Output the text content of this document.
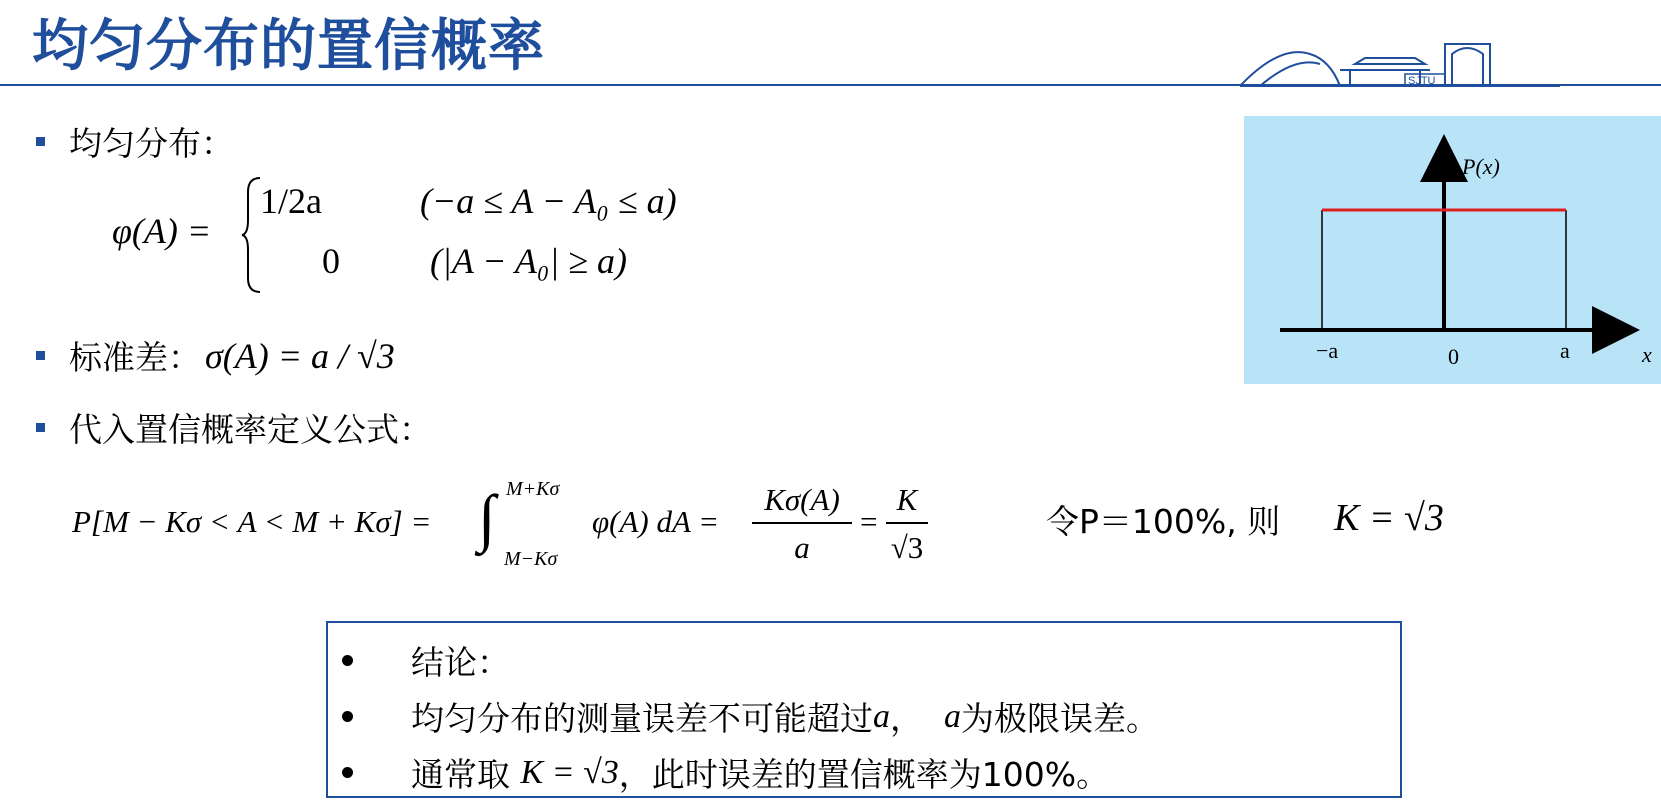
均匀分布的置信概率
SJTU
均匀分布：
φ(A) =
1/2a	(−a ≤ A − A₀ ≤ a)
0	(|A − A₀| ≥ a)
标准差： σ(A) = a / √3
代入置信概率定义公式：
P[M − Kσ < A < M + Kσ] = ∫ M+Kσ
M−Kσ
φ(A) dA =
Kσ(A)
a
=
K
√3
令P＝100%, 则 K = √3
P(x)
x
−a	0	a
结论：
均匀分布的测量误差不可能超过 a ， a 为极限误差。
通常取 K = √3 ，此时误差的置信概率为100%。
